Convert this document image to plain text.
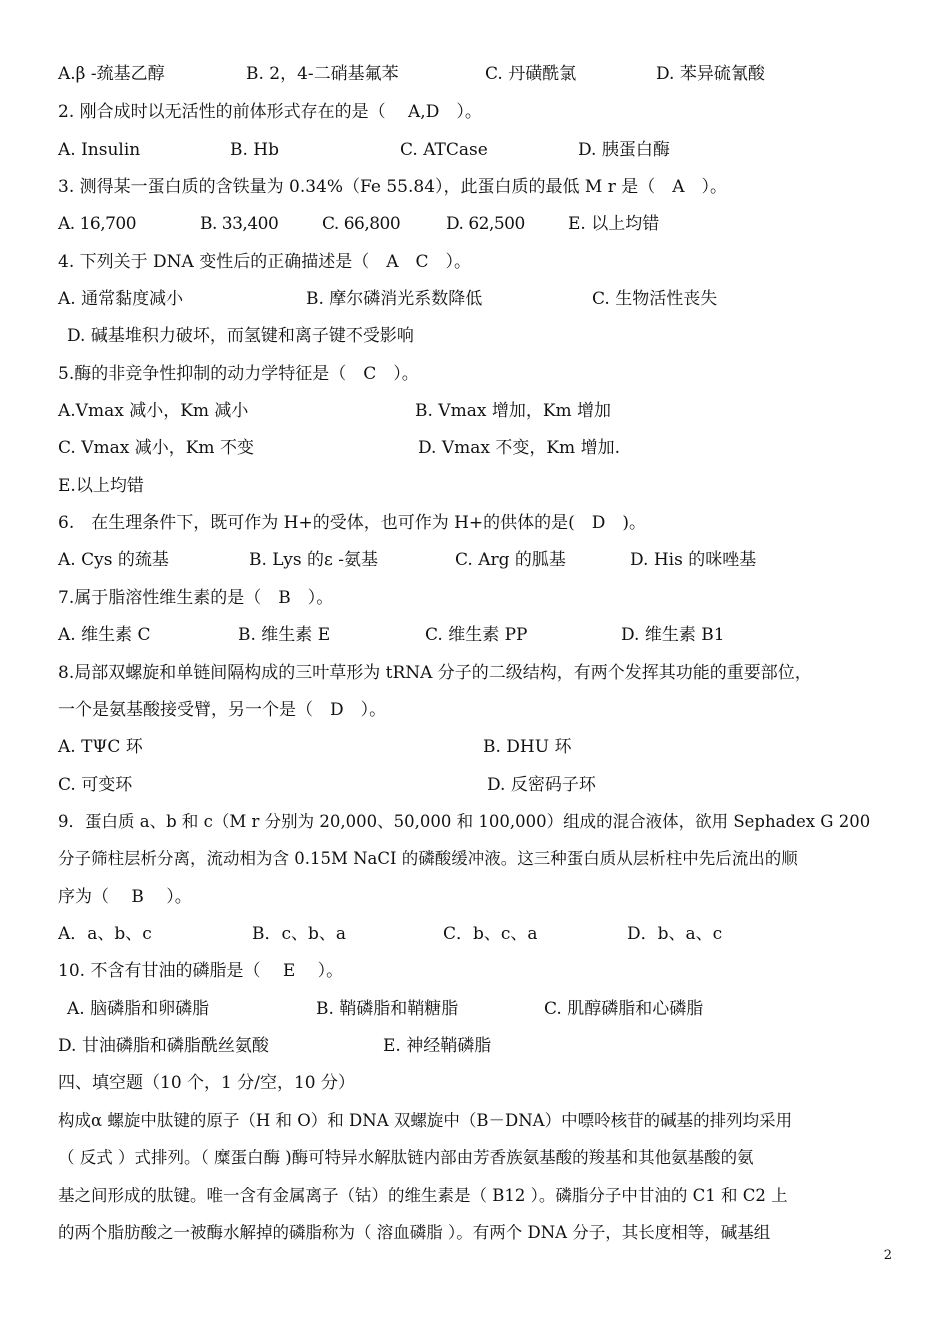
A.β -巯基乙醇	B. 2，4-二硝基氟苯	C. 丹磺酰氯	D. 苯异硫氰酸
2. 刚合成时以无活性的前体形式存在的是（　 A,D　）。
A. Insulin	B. Hb	C. ATCase	D. 胰蛋白酶
3. 测得某一蛋白质的含铁量为 0.34%（Fe 55.84），此蛋白质的最低 M r 是（　A　）。
A. 16,700	B. 33,400	C. 66,800	D. 62,500	E. 以上均错
4. 下列关于 DNA 变性后的正确描述是（　A　C　）。
A. 通常黏度减小	B. 摩尔磷消光系数降低	C. 生物活性丧失
D. 碱基堆积力破坏，而氢键和离子键不受影响
5.酶的非竞争性抑制的动力学特征是（　C　）。
A.Vmax 减小，Km 减小	B. Vmax 增加，Km 增加
C. Vmax 减小，Km 不变	D. Vmax 不变，Km 增加.
E.以上均错
6.　在生理条件下，既可作为 H+的受体，也可作为 H+的供体的是(　D　)。
A. Cys 的巯基	B. Lys 的ε -氨基	C. Arg 的胍基	D. His 的咪唑基
7.属于脂溶性维生素的是（　B　）。
A. 维生素 C	B. 维生素 E	C. 维生素 PP	D. 维生素 B1
8.局部双螺旋和单链间隔构成的三叶草形为 tRNA 分子的二级结构，有两个发挥其功能的重要部位，
一个是氨基酸接受臂，另一个是（　D　）。
A. TΨC 环	B. DHU 环
C. 可变环	D. 反密码子环
9．蛋白质 a、b 和 c（M r 分别为 20,000、50,000 和 100,000）组成的混合液体，欲用 Sephadex G 200
分子筛柱层析分离，流动相为含 0.15M NaCI 的磷酸缓冲液。这三种蛋白质从层析柱中先后流出的顺
序为（　 B　 ）。
A．a、b、c	B．c、b、a	C．b、c、a	D．b、a、c
10. 不含有甘油的磷脂是（　 E　 ）。
A. 脑磷脂和卵磷脂	B. 鞘磷脂和鞘糖脂	C. 肌醇磷脂和心磷脂
D. 甘油磷脂和磷脂酰丝氨酸	E. 神经鞘磷脂
四、填空题（10 个，1 分/空，10 分）
构成α 螺旋中肽键的原子（H 和 O）和 DNA 双螺旋中（B－DNA）中嘌呤核苷的碱基的排列均采用
（ 反式 ）式排列。（ 糜蛋白酶 )酶可特异水解肽链内部由芳香族氨基酸的羧基和其他氨基酸的氨
基之间形成的肽键。唯一含有金属离子（钴）的维生素是（ B12 ）。磷脂分子中甘油的 C1 和 C2 上
的两个脂肪酸之一被酶水解掉的磷脂称为（ 溶血磷脂 ）。有两个 DNA 分子，其长度相等，碱基组
2
